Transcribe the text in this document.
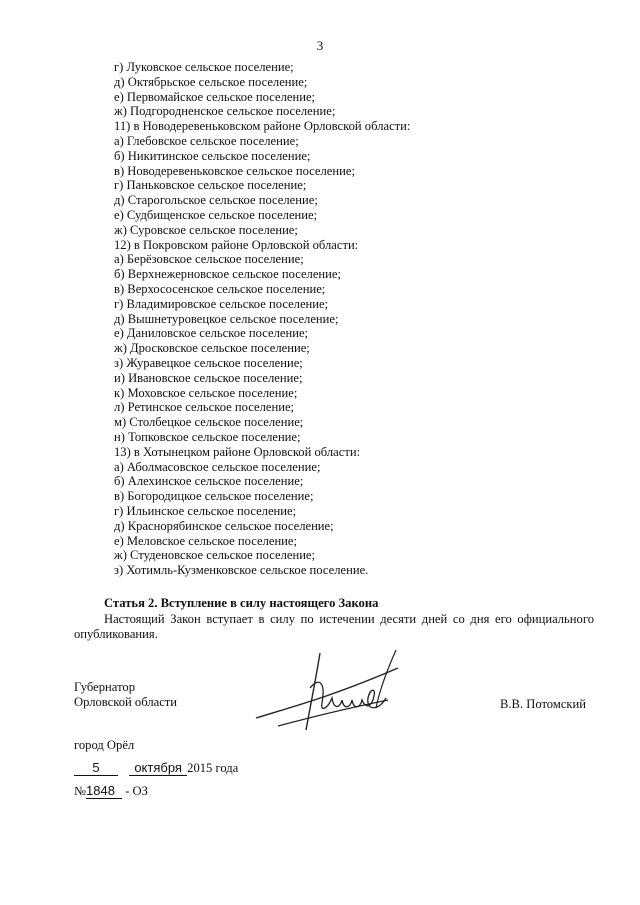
3
г) Луковское сельское поселение;
д) Октябрьское сельское поселение;
е) Первомайское сельское поселение;
ж) Подгородненское сельское поселение;
11) в Новодеревеньковском районе Орловской области:
а) Глебовское сельское поселение;
б) Никитинское сельское поселение;
в) Новодеревеньковское сельское поселение;
г) Паньковское сельское поселение;
д) Старогольское сельское поселение;
е) Судбищенское сельское поселение;
ж) Суровское сельское поселение;
12) в Покровском районе Орловской области:
а) Берёзовское сельское поселение;
б) Верхнежерновское сельское поселение;
в) Верхососенское сельское поселение;
г) Владимировское сельское поселение;
д) Вышнетуровецкое сельское поселение;
е) Даниловское сельское поселение;
ж) Дросковское сельское поселение;
з) Журавецкое сельское поселение;
и) Ивановское сельское поселение;
к) Моховское сельское поселение;
л) Ретинское сельское поселение;
м) Столбецкое сельское поселение;
н) Топковское сельское поселение;
13) в Хотынецком районе Орловской области:
а) Аболмасовское сельское поселение;
б) Алехинское сельское поселение;
в) Богородицкое сельское поселение;
г) Ильинское сельское поселение;
д) Краснорябинское сельское поселение;
е) Меловское сельское поселение;
ж) Студеновское сельское поселение;
з) Хотимль-Кузменковское сельское поселение.
Статья 2. Вступление в силу настоящего Закона
Настоящий Закон вступает в силу по истечении десяти дней со дня его официального опубликования.
Губернатор
Орловской области	В.В. Потомский
город Орёл
5	октября 2015 года
№1848 - ОЗ
